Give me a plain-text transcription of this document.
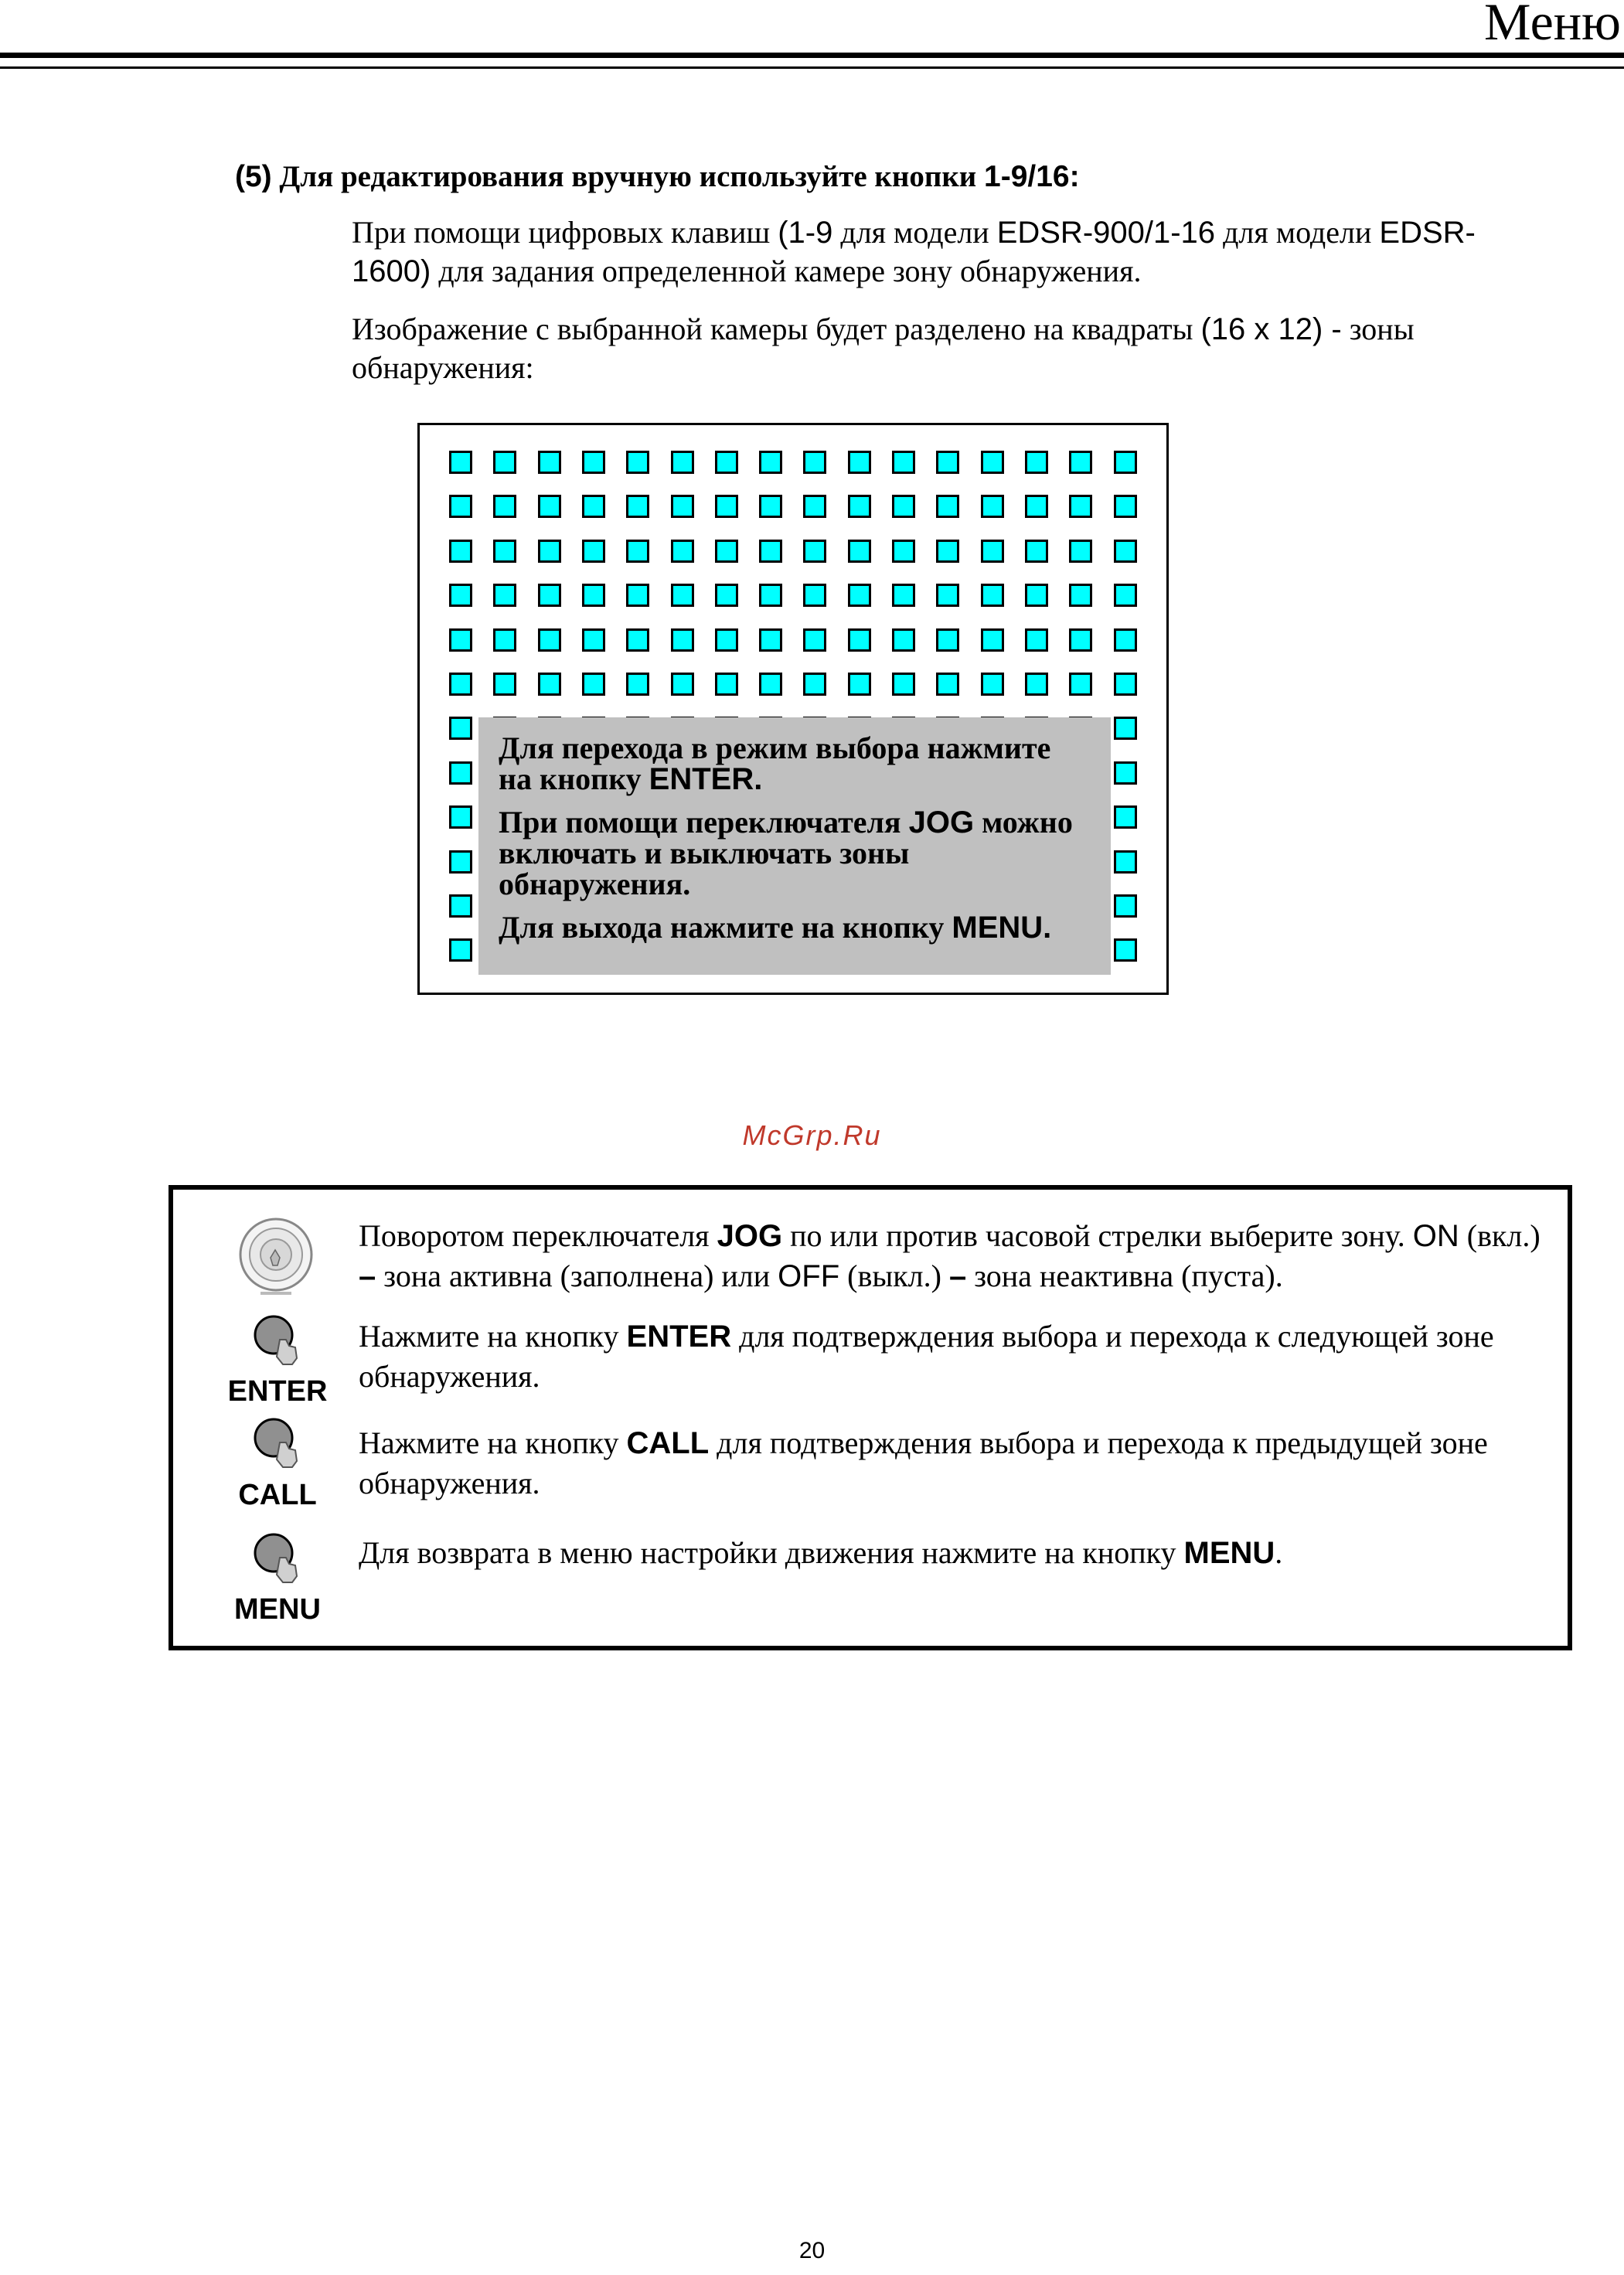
Меню
(5) Для редактирования вручную используйте кнопки 1-9/16:
При помощи цифровых клавиш (1-9 для модели EDSR-900/1-16 для модели EDSR-1600) для задания определенной камере зону обнаружения.
Изображение с выбранной камеры будет разделено на квадраты (16 x 12) - зоны обнаружения:

Для перехода в режим выбора нажмите на кнопку ENTER.

При помощи переключателя JOG можно включать и выключать зоны обнаружения.

Для выхода нажмите на кнопку MENU.

McGrp.Ru
Поворотом переключателя JOG по или против часовой стрелки выберите зону. ON (вкл.) – зона активна (заполнена) или OFF (выкл.) – зона неактивна (пуста).
ENTER
Нажмите на кнопку ENTER для подтверждения выбора и перехода к следующей зоне обнаружения.
CALL
Нажмите на кнопку CALL для подтверждения выбора и перехода к предыдущей зоне обнаружения.
MENU
Для возврата в меню настройки движения нажмите на кнопку MENU.
20
